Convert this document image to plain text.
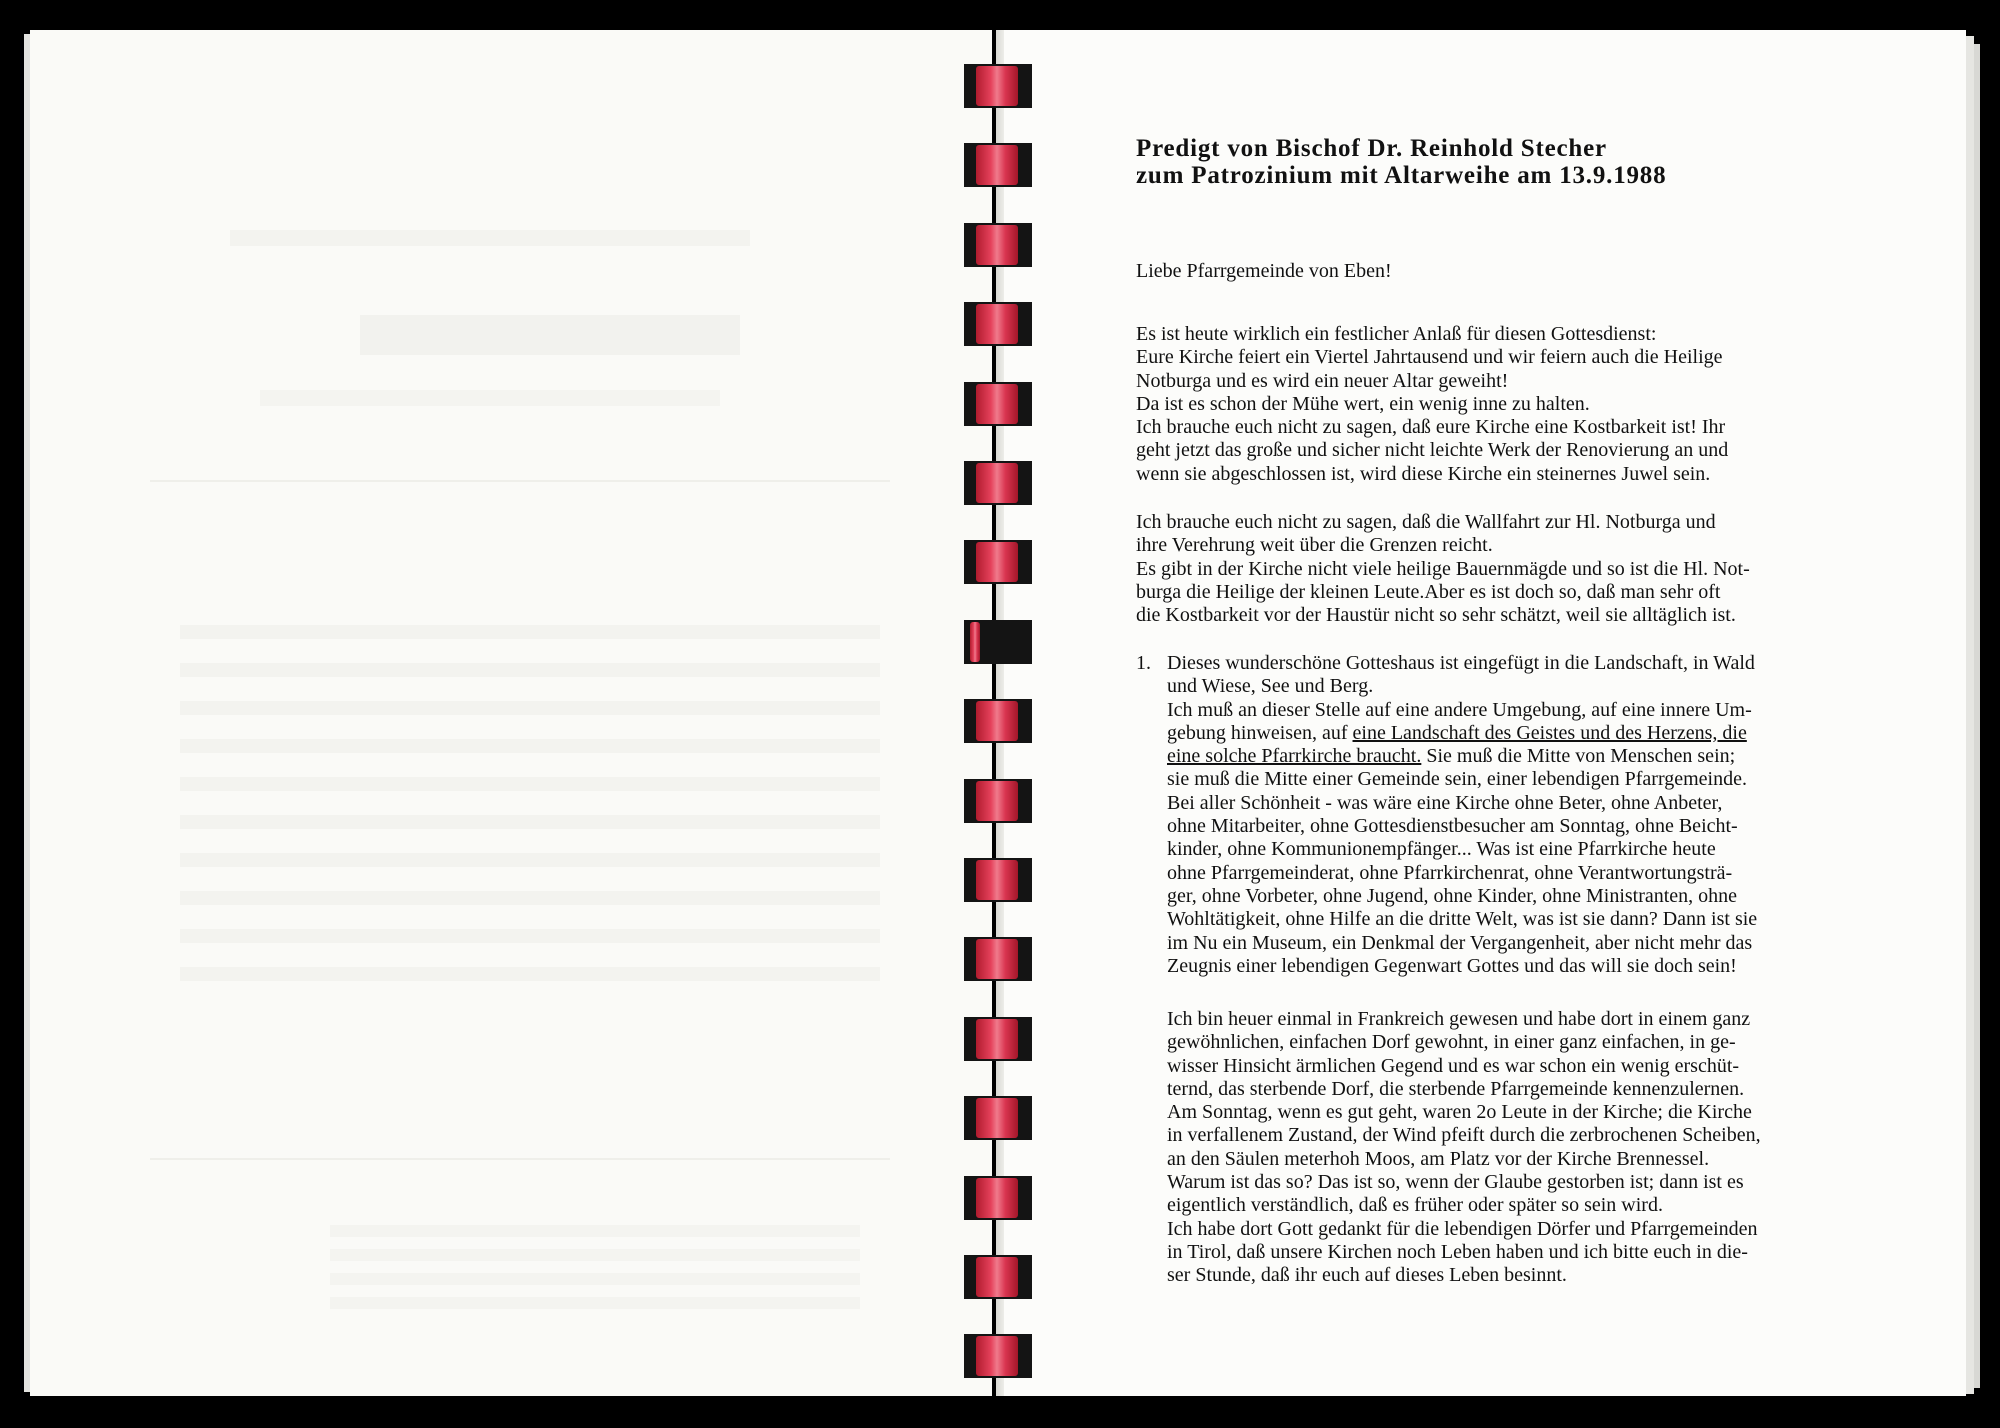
Predigt von Bischof Dr. Reinhold Stecher
zum Patrozinium mit Altarweihe am 13.9.1988
Liebe Pfarrgemeinde von Eben!
Es ist heute wirklich ein festlicher Anlaß für diesen Gottesdienst:
Eure Kirche feiert ein Viertel Jahrtausend und wir feiern auch die Heilige
Notburga und es wird ein neuer Altar geweiht!
Da ist es schon der Mühe wert, ein wenig inne zu halten.
Ich brauche euch nicht zu sagen, daß eure Kirche eine Kostbarkeit ist! Ihr
geht jetzt das große und sicher nicht leichte Werk der Renovierung an und
wenn sie abgeschlossen ist, wird diese Kirche ein steinernes Juwel sein.
Ich brauche euch nicht zu sagen, daß die Wallfahrt zur Hl. Notburga und
ihre Verehrung weit über die Grenzen reicht.
Es gibt in der Kirche nicht viele heilige Bauernmägde und so ist die Hl. Not-
burga die Heilige der kleinen Leute.Aber es ist doch so, daß man sehr oft
die Kostbarkeit vor der Haustür nicht so sehr schätzt, weil sie alltäglich ist.
1. Dieses wunderschöne Gotteshaus ist eingefügt in die Landschaft, in Wald
und Wiese, See und Berg.
Ich muß an dieser Stelle auf eine andere Umgebung, auf eine innere Um-
gebung hinweisen, auf eine Landschaft des Geistes und des Herzens, die
eine solche Pfarrkirche braucht. Sie muß die Mitte von Menschen sein;
sie muß die Mitte einer Gemeinde sein, einer lebendigen Pfarrgemeinde.
Bei aller Schönheit - was wäre eine Kirche ohne Beter, ohne Anbeter,
ohne Mitarbeiter, ohne Gottesdienstbesucher am Sonntag, ohne Beicht-
kinder, ohne Kommunionempfänger... Was ist eine Pfarrkirche heute
ohne Pfarrgemeinderat, ohne Pfarrkirchenrat, ohne Verantwortungsträ-
ger, ohne Vorbeter, ohne Jugend, ohne Kinder, ohne Ministranten, ohne
Wohltätigkeit, ohne Hilfe an die dritte Welt, was ist sie dann? Dann ist sie
im Nu ein Museum, ein Denkmal der Vergangenheit, aber nicht mehr das
Zeugnis einer lebendigen Gegenwart Gottes und das will sie doch sein!
Ich bin heuer einmal in Frankreich gewesen und habe dort in einem ganz
gewöhnlichen, einfachen Dorf gewohnt, in einer ganz einfachen, in ge-
wisser Hinsicht ärmlichen Gegend und es war schon ein wenig erschüt-
ternd, das sterbende Dorf, die sterbende Pfarrgemeinde kennenzulernen.
Am Sonntag, wenn es gut geht, waren 2o Leute in der Kirche; die Kirche
in verfallenem Zustand, der Wind pfeift durch die zerbrochenen Scheiben,
an den Säulen meterhoh Moos, am Platz vor der Kirche Brennessel.
Warum ist das so? Das ist so, wenn der Glaube gestorben ist; dann ist es
eigentlich verständlich, daß es früher oder später so sein wird.
Ich habe dort Gott gedankt für die lebendigen Dörfer und Pfarrgemeinden
in Tirol, daß unsere Kirchen noch Leben haben und ich bitte euch in die-
ser Stunde, daß ihr euch auf dieses Leben besinnt.
